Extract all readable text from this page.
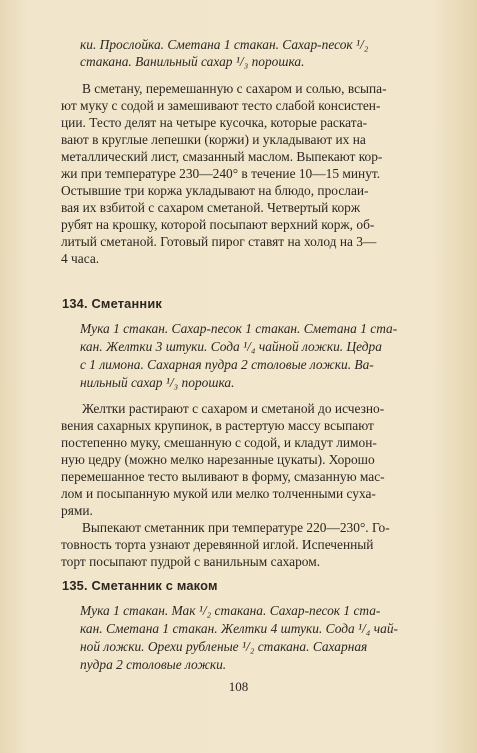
ки. Прослойка. Сметана 1 стакан. Сахар-песок ¹/₂
стакана. Ванильный сахар ¹/₃ порошка.
В сметану, перемешанную с сахаром и солью, всыпа-
ют муку с содой и замешивают тесто слабой консистен-
ции. Тесто делят на четыре кусочка, которые раската-
вают в круглые лепешки (коржи) и укладывают их на
металлический лист, смазанный маслом. Выпекают кор-
жи при температуре 230—240° в течение 10—15 минут.
Остывшие три коржа укладывают на блюдо, прослаи-
вая их взбитой с сахаром сметаной. Четвертый корж
рубят на крошку, которой посыпают верхний корж, об-
литый сметаной. Готовый пирог ставят на холод на 3—
4 часа.
134. Сметанник
Мука 1 стакан. Сахар-песок 1 стакан. Сметана 1 ста-
кан. Желтки 3 штуки. Сода ¹/₄ чайной ложки. Цедра
с 1 лимона. Сахарная пудра 2 столовые ложки. Ва-
нильный сахар ¹/₃ порошка.
Желтки растирают с сахаром и сметаной до исчезно-
вения сахарных крупинок, в растертую массу всыпают
постепенно муку, смешанную с содой, и кладут лимон-
ную цедру (можно мелко нарезанные цукаты). Хорошо
перемешанное тесто выливают в форму, смазанную мас-
лом и посыпанную мукой или мелко толченными суха-
рями.
Выпекают сметанник при температуре 220—230°. Го-
товность торта узнают деревянной иглой. Испеченный
торт посыпают пудрой с ванильным сахаром.
135. Сметанник с маком
Мука 1 стакан. Мак ¹/₂ стакана. Сахар-песок 1 ста-
кан. Сметана 1 стакан. Желтки 4 штуки. Сода ¹/₄ чай-
ной ложки. Орехи рубленые ¹/₂ стакана. Сахарная
пудра 2 столовые ложки.
108
